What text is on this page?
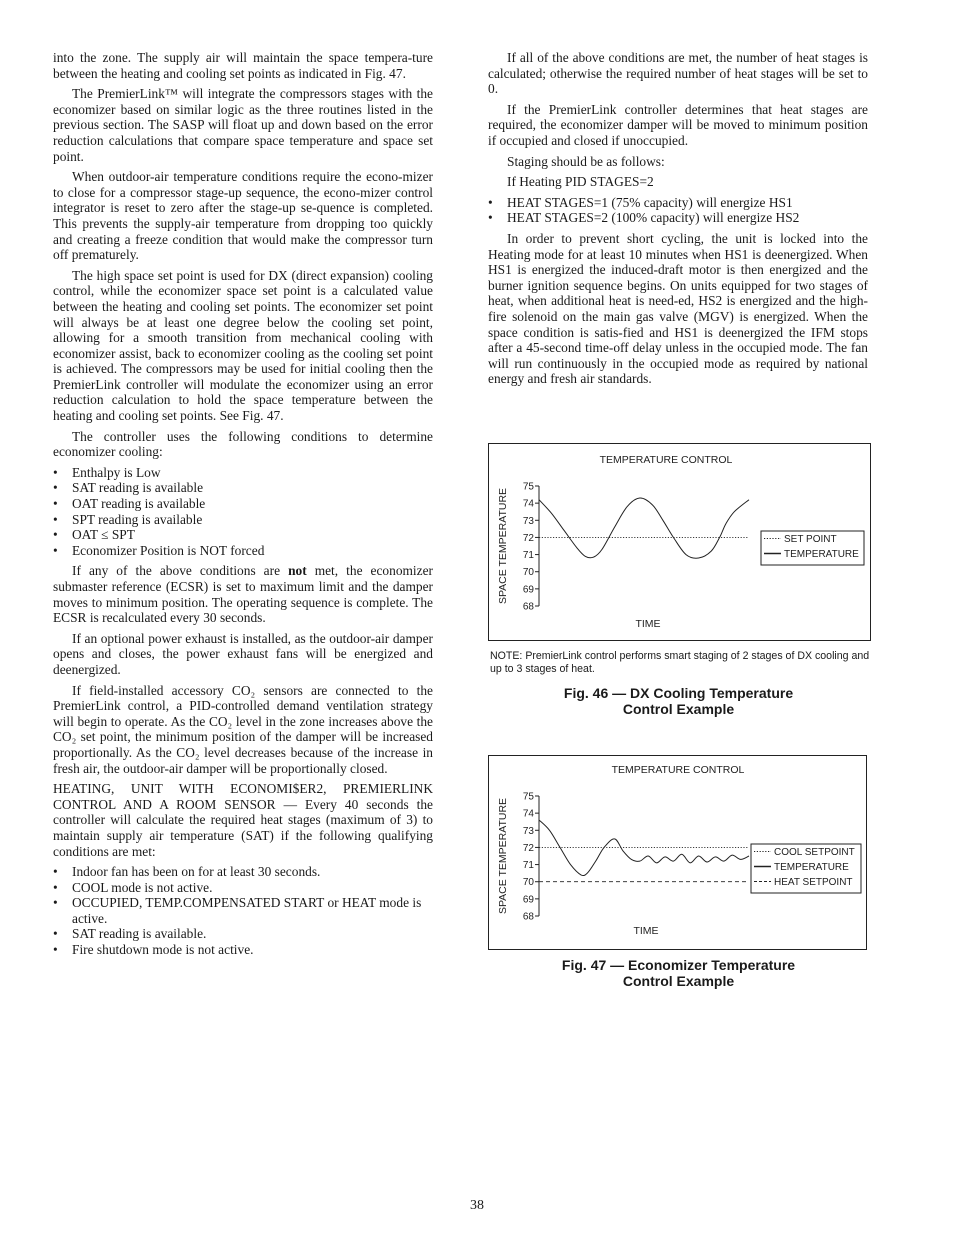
into the zone. The supply air will maintain the space tempera-ture between the heating and cooling set points as indicated in Fig. 47.

The PremierLink™ will integrate the compressors stages with the economizer based on similar logic as the three routines listed in the previous section. The SASP will float up and down based on the error reduction calculations that compare space temperature and space set point.

When outdoor-air temperature conditions require the econo-mizer to close for a compressor stage-up sequence, the econo-mizer control integrator is reset to zero after the stage-up se-quence is completed. This prevents the supply-air temperature from dropping too quickly and creating a freeze condition that would make the compressor turn off prematurely.

The high space set point is used for DX (direct expansion) cooling control, while the economizer space set point is a calculated value between the heating and cooling set points. The economizer set point will always be at least one degree below the cooling set point, allowing for a smooth transition from mechanical cooling with economizer assist, back to economizer cooling as the cooling set point is achieved. The compressors may be used for initial cooling then the PremierLink controller will modulate the economizer using an error reduction calculation to hold the space temperature between the heating and cooling set points. See Fig. 47.

The controller uses the following conditions to determine economizer cooling:

• Enthalpy is Low
• SAT reading is available
• OAT reading is available
• SPT reading is available
• OAT ≤ SPT
• Economizer Position is NOT forced

If any of the above conditions are not met, the economizer submaster reference (ECSR) is set to maximum limit and the damper moves to minimum position. The operating sequence is complete. The ECSR is recalculated every 30 seconds.

If an optional power exhaust is installed, as the outdoor-air damper opens and closes, the power exhaust fans will be energized and deenergized.

If field-installed accessory CO₂ sensors are connected to the PremierLink control, a PID-controlled demand ventilation strategy will begin to operate. As the CO₂ level in the zone increases above the CO₂ set point, the minimum position of the damper will be increased proportionally. As the CO₂ level decreases because of the increase in fresh air, the outdoor-air damper will be proportionally closed.

HEATING, UNIT WITH ECONOMI$ER2, PREMIERLINK CONTROL AND A ROOM SENSOR — Every 40 seconds the controller will calculate the required heat stages (maximum of 3) to maintain supply air temperature (SAT) if the following qualifying conditions are met:

• Indoor fan has been on for at least 30 seconds.
• COOL mode is not active.
• OCCUPIED, TEMP.COMPENSATED START or HEAT mode is active.
• SAT reading is available.
• Fire shutdown mode is not active.

If all of the above conditions are met, the number of heat stages is calculated; otherwise the required number of heat stages will be set to 0.

If the PremierLink controller determines that heat stages are required, the economizer damper will be moved to minimum position if occupied and closed if unoccupied.

Staging should be as follows:

If Heating PID STAGES=2

• HEAT STAGES=1 (75% capacity) will energize HS1
• HEAT STAGES=2 (100% capacity) will energize HS2

In order to prevent short cycling, the unit is locked into the Heating mode for at least 10 minutes when HS1 is deenergized. When HS1 is energized the induced-draft motor is then energized and the burner ignition sequence begins. On units equipped for two stages of heat, when additional heat is need-ed, HS2 is energized and the high-fire solenoid on the main gas valve (MGV) is energized. When the space condition is satis-fied and HS1 is deenergized the IFM stops after a 45-second time-off delay unless in the occupied mode. The fan will run continuously in the occupied mode as required by national energy and fresh air standards.

TEMPERATURE CONTROL
75
74
73
72
71
70
69
68
SPACE TEMPERATURE
TIME
SET POINT
TEMPERATURE
NOTE: PremierLink control performs smart staging of 2 stages of DX cooling and up to 3 stages of heat.
Fig. 46 — DX Cooling Temperature
Control Example
TEMPERATURE CONTROL
75
74
73
72
71
70
69
68
SPACE TEMPERATURE
TIME
COOL SETPOINT
TEMPERATURE
HEAT SETPOINT
Fig. 47 — Economizer Temperature
Control Example
38
